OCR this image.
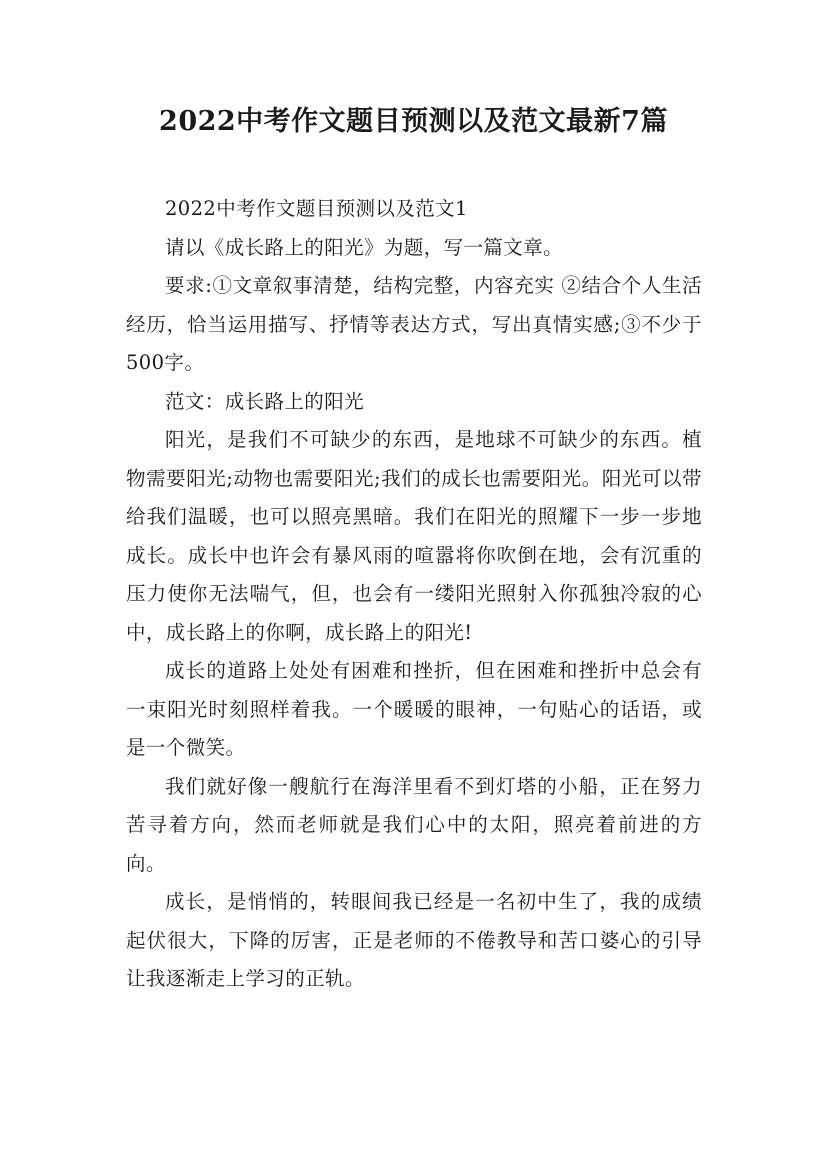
2022中考作文题目预测以及范文最新7篇

2022中考作文题目预测以及范文1

请以《成长路上的阳光》为题，写一篇文章。

要求:①文章叙事清楚，结构完整，内容充实 ②结合个人生活经历，恰当运用描写、抒情等表达方式，写出真情实感;③不少于500字。

范文：成长路上的阳光

阳光，是我们不可缺少的东西，是地球不可缺少的东西。植物需要阳光;动物也需要阳光;我们的成长也需要阳光。阳光可以带给我们温暖，也可以照亮黑暗。我们在阳光的照耀下一步一步地成长。成长中也许会有暴风雨的喧嚣将你吹倒在地，会有沉重的压力使你无法喘气，但，也会有一缕阳光照射入你孤独冷寂的心中，成长路上的你啊，成长路上的阳光!

成长的道路上处处有困难和挫折，但在困难和挫折中总会有一束阳光时刻照样着我。一个暖暖的眼神，一句贴心的话语，或是一个微笑。

我们就好像一艘航行在海洋里看不到灯塔的小船，正在努力苦寻着方向，然而老师就是我们心中的太阳，照亮着前进的方向。

成长，是悄悄的，转眼间我已经是一名初中生了，我的成绩起伏很大，下降的厉害，正是老师的不倦教导和苦口婆心的引导让我逐渐走上学习的正轨。
